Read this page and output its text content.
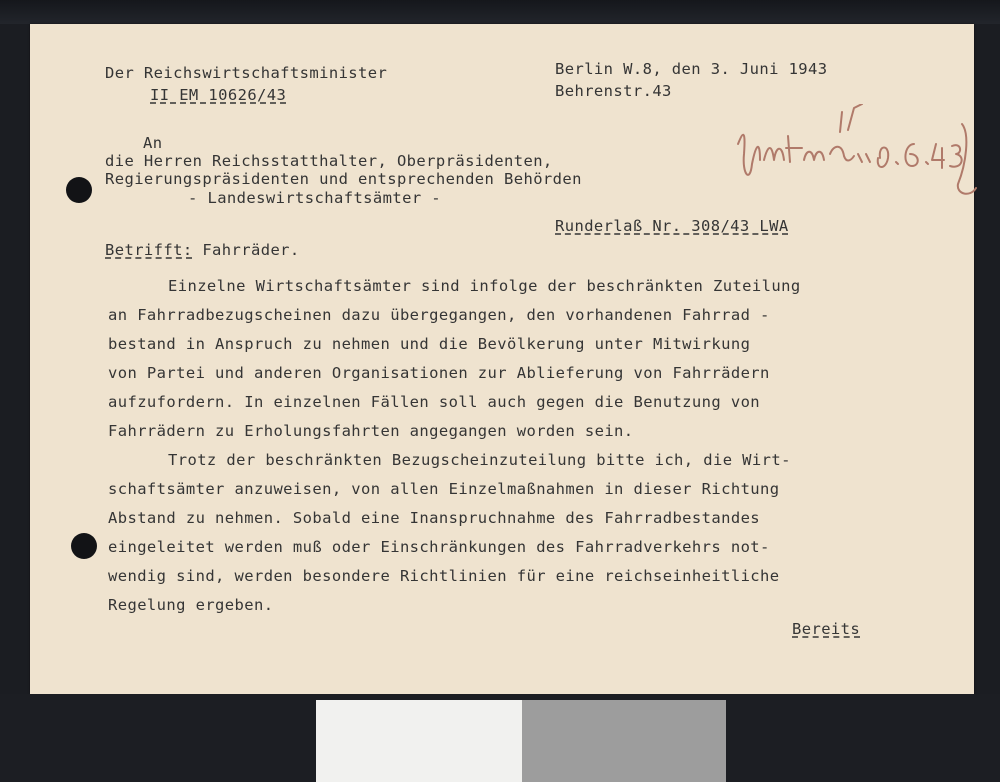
Der Reichswirtschaftsminister
II EM 10626/43
Berlin W.8, den 3. Juni 1943
Behrenstr.43
An
die Herren Reichsstatthalter, Oberpräsidenten,
Regierungspräsidenten und entsprechenden Behörden
- Landeswirtschaftsämter -
Runderlaß Nr. 308/43 LWA
Betrifft: Fahrräder.
Einzelne Wirtschaftsämter sind infolge der beschränkten Zuteilung
an Fahrradbezugscheinen dazu übergegangen, den vorhandenen Fahrrad -
bestand in Anspruch zu nehmen und die Bevölkerung unter Mitwirkung
von Partei und anderen Organisationen zur Ablieferung von Fahrrädern
aufzufordern. In einzelnen Fällen soll auch gegen die Benutzung von
Fahrrädern zu Erholungsfahrten angegangen worden sein.
Trotz der beschränkten Bezugscheinzuteilung bitte ich, die Wirt-
schaftsämter anzuweisen, von allen Einzelmaßnahmen in dieser Richtung
Abstand zu nehmen. Sobald eine Inanspruchnahme des Fahrradbestandes
eingeleitet werden muß oder Einschränkungen des Fahrradverkehrs not-
wendig sind, werden besondere Richtlinien für eine reichseinheitliche
Regelung ergeben.
Bereits
